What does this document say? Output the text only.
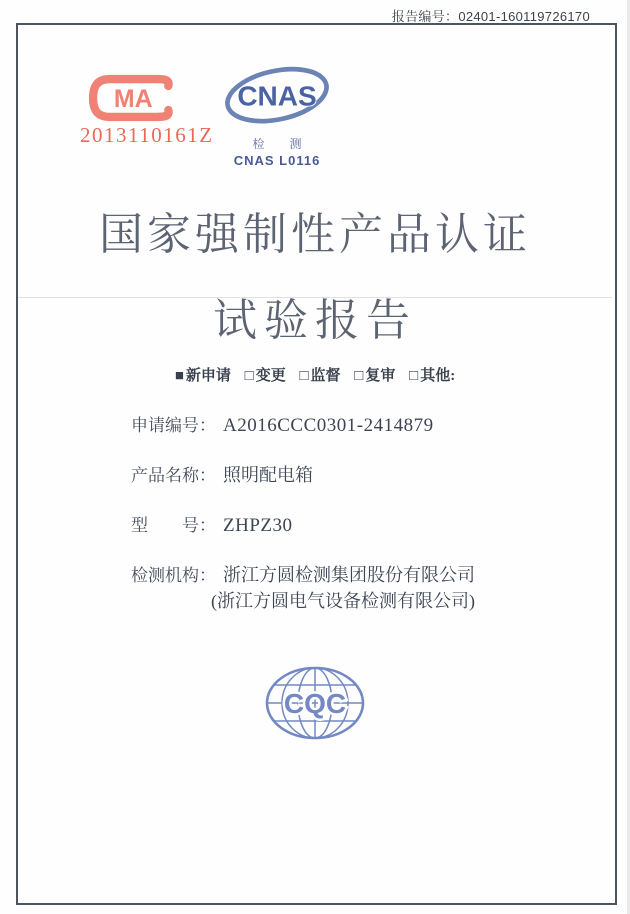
报告编号：02401-160119726170
MA
2013110161Z
CNAS
检 测
CNAS L0116
国家强制性产品认证
试验报告
■ 新申请 □ 变更 □ 监督 □ 复审 □ 其他:
申请编号： A2016CCC0301-2414879
产品名称： 照明配电箱
型　　号： ZHPZ30
检测机构： 浙江方圆检测集团股份有限公司
(浙江方圆电气设备检测有限公司)
CQC
